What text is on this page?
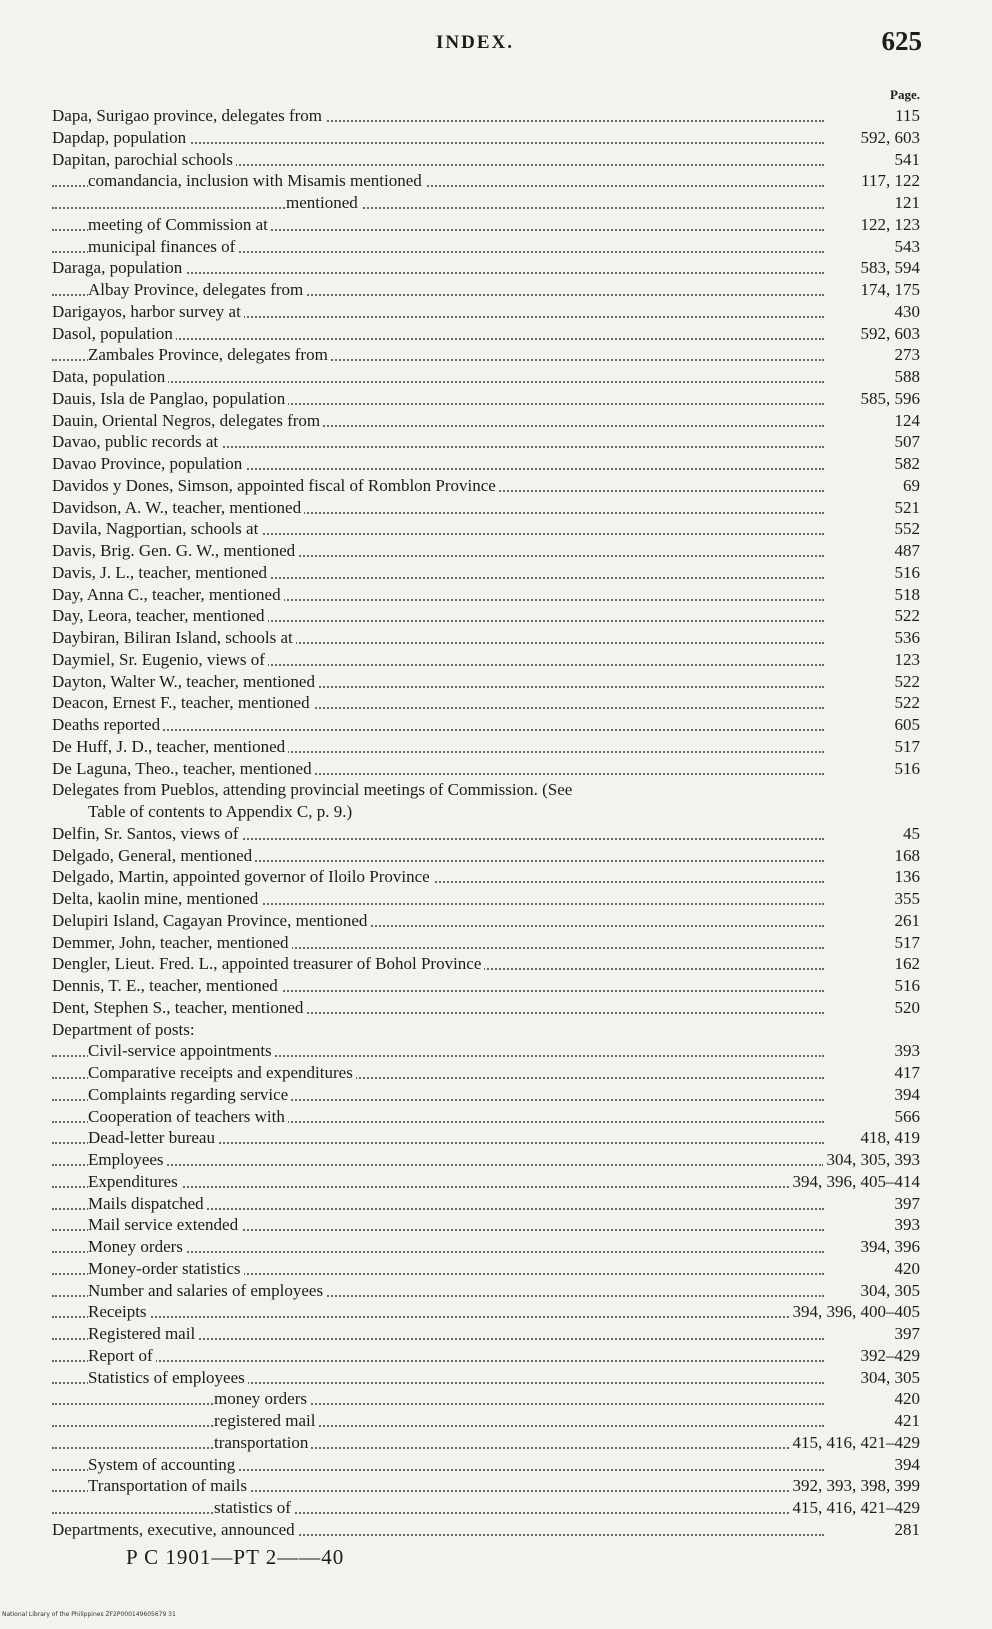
INDEX.	625
Page.
Dapa, Surigao province, delegates from	115
Dapdap, population	592, 603
Dapitan, parochial schools	541
comandancia, inclusion with Misamis mentioned	117, 122
mentioned	121
meeting of Commission at	122, 123
municipal finances of	543
Daraga, population	583, 594
Albay Province, delegates from	174, 175
Darigayos, harbor survey at	430
Dasol, population	592, 603
Zambales Province, delegates from	273
Data, population	588
Dauis, Isla de Panglao, population	585, 596
Dauin, Oriental Negros, delegates from	124
Davao, public records at	507
Davao Province, population	582
Davidos y Dones, Simson, appointed fiscal of Romblon Province	69
Davidson, A. W., teacher, mentioned	521
Davila, Nagportian, schools at	552
Davis, Brig. Gen. G. W., mentioned	487
Davis, J. L., teacher, mentioned	516
Day, Anna C., teacher, mentioned	518
Day, Leora, teacher, mentioned	522
Daybiran, Biliran Island, schools at	536
Daymiel, Sr. Eugenio, views of	123
Dayton, Walter W., teacher, mentioned	522
Deacon, Ernest F., teacher, mentioned	522
Deaths reported	605
De Huff, J. D., teacher, mentioned	517
De Laguna, Theo., teacher, mentioned	516
Delegates from Pueblos, attending provincial meetings of Commission. (See
Table of contents to Appendix C, p. 9.)
Delfin, Sr. Santos, views of	45
Delgado, General, mentioned	168
Delgado, Martin, appointed governor of Iloilo Province	136
Delta, kaolin mine, mentioned	355
Delupiri Island, Cagayan Province, mentioned	261
Demmer, John, teacher, mentioned	517
Dengler, Lieut. Fred. L., appointed treasurer of Bohol Province	162
Dennis, T. E., teacher, mentioned	516
Dent, Stephen S., teacher, mentioned	520
Department of posts:
Civil-service appointments	393
Comparative receipts and expenditures	417
Complaints regarding service	394
Cooperation of teachers with	566
Dead-letter bureau	418, 419
Employees	304, 305, 393
Expenditures	394, 396, 405–414
Mails dispatched	397
Mail service extended	393
Money orders	394, 396
Money-order statistics	420
Number and salaries of employees	304, 305
Receipts	394, 396, 400–405
Registered mail	397
Report of	392–429
Statistics of employees	304, 305
money orders	420
registered mail	421
transportation	415, 416, 421–429
System of accounting	394
Transportation of mails	392, 393, 398, 399
statistics of	415, 416, 421–429
Departments, executive, announced	281
P C 1901—PT 2——40
National Library of the Philippines ZF2P000149605679 31
